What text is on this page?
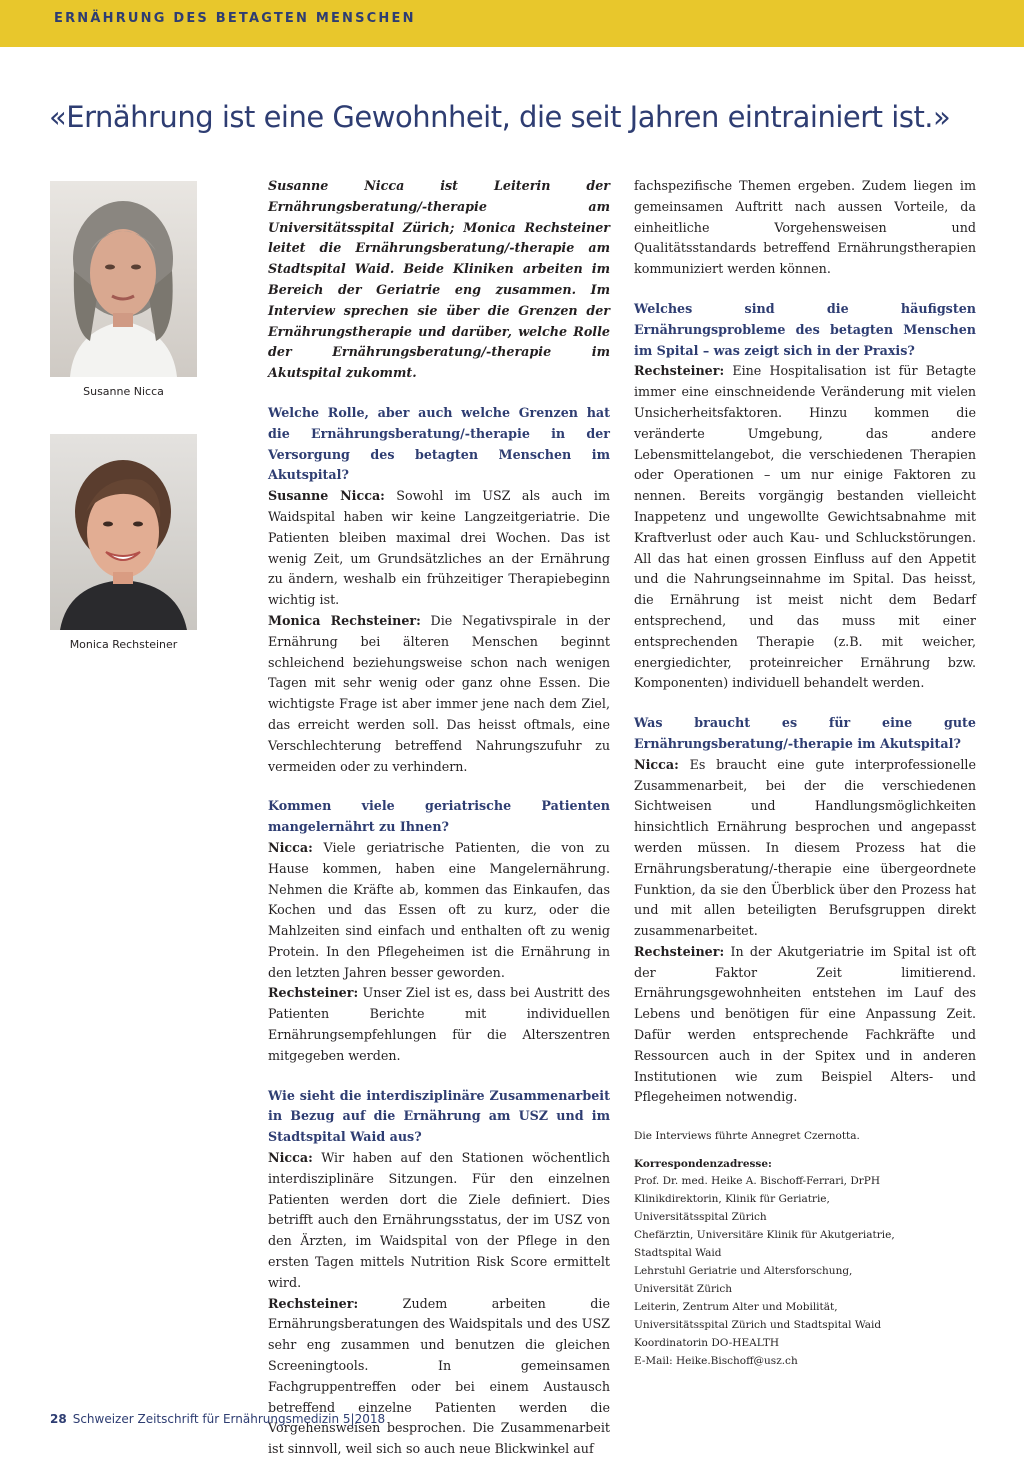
ERNÄHRUNG DES BETAGTEN MENSCHEN
«Ernährung ist eine Gewohnheit, die seit Jahren eintrainiert ist.»
Susanne Nicca
Monica Rechsteiner
Susanne Nicca ist Leiterin der Ernährungsberatung/-therapie am Universitätsspital Zürich; Monica Rechsteiner leitet die Ernährungsberatung/-therapie am Stadtspital Waid. Beide Kliniken arbeiten im Bereich der Geriatrie eng zusammen. Im Interview sprechen sie über die Grenzen der Ernährungstherapie und darüber, welche Rolle der Ernährungsberatung/-therapie im Akutspital zukommt.
Welche Rolle, aber auch welche Grenzen hat die Ernährungsberatung/-therapie in der Versorgung des betagten Menschen im Akutspital?

Susanne Nicca: Sowohl im USZ als auch im Waidspital haben wir keine Langzeitgeriatrie. Die Patienten bleiben maximal drei Wochen. Das ist wenig Zeit, um Grundsätzliches an der Ernährung zu ändern, weshalb ein frühzeitiger Therapiebeginn wichtig ist.

Monica Rechsteiner: Die Negativspirale in der Ernährung bei älteren Menschen beginnt schleichend beziehungsweise schon nach wenigen Tagen mit sehr wenig oder ganz ohne Essen. Die wichtigste Frage ist aber immer jene nach dem Ziel, das erreicht werden soll. Das heisst oftmals, eine Verschlechterung betreffend Nahrungszufuhr zu vermeiden oder zu verhindern.

Kommen viele geriatrische Patienten mangelernährt zu Ihnen?

Nicca: Viele geriatrische Patienten, die von zu Hause kommen, haben eine Mangelernährung. Nehmen die Kräfte ab, kommen das Einkaufen, das Kochen und das Essen oft zu kurz, oder die Mahlzeiten sind einfach und enthalten oft zu wenig Protein. In den Pflegeheimen ist die Ernährung in den letzten Jahren besser geworden.

Rechsteiner: Unser Ziel ist es, dass bei Austritt des Patienten Berichte mit individuellen Ernährungsempfehlungen für die Alterszentren mitgegeben werden.

Wie sieht die interdisziplinäre Zusammenarbeit in Bezug auf die Ernährung am USZ und im Stadtspital Waid aus?

Nicca: Wir haben auf den Stationen wöchentlich interdisziplinäre Sitzungen. Für den einzelnen Patienten werden dort die Ziele definiert. Dies betrifft auch den Ernährungsstatus, der im USZ von den Ärzten, im Waidspital von der Pflege in den ersten Tagen mittels Nutrition Risk Score ermittelt wird.

Rechsteiner:	Zudem arbeiten die Ernährungsberatungen des Waidspitals und des USZ sehr eng zusammen und benutzen die gleichen Screeningtools. In gemeinsamen Fachgruppentreffen oder bei einem Austausch betreffend einzelne Patienten werden die Vorgehensweisen besprochen. Die Zusammenarbeit ist sinnvoll, weil sich so auch neue Blickwinkel auf

fachspezifische Themen ergeben. Zudem liegen im gemeinsamen Auftritt nach aussen Vorteile, da einheitliche Vorgehensweisen und Qualitätsstandards betreffend Ernährungstherapien kommuniziert werden können.

Welches sind die häufigsten Ernährungsprobleme des betagten Menschen im Spital – was zeigt sich in der Praxis?

Rechsteiner: Eine Hospitalisation ist für Betagte immer eine einschneidende Veränderung mit vielen Unsicherheitsfaktoren. Hinzu kommen die veränderte Umgebung, das andere Lebensmittelangebot, die verschiedenen Therapien oder Operationen – um nur einige Faktoren zu nennen. Bereits vorgängig bestanden vielleicht Inappetenz und ungewollte Gewichtsabnahme mit Kraftverlust oder auch Kau- und Schluckstörungen. All das hat einen grossen Einfluss auf den Appetit und die Nahrungseinnahme im Spital. Das heisst, die Ernährung ist meist nicht dem Bedarf entsprechend, und das muss mit einer entsprechenden Therapie (z.B. mit weicher, energiedichter, proteinreicher Ernährung bzw. Komponenten) individuell behandelt werden.

Was braucht es für eine gute Ernährungsberatung/-therapie im Akutspital?

Nicca: Es braucht eine gute interprofessionelle Zusammenarbeit, bei der die verschiedenen Sichtweisen und Handlungsmöglichkeiten hinsichtlich Ernährung besprochen und angepasst werden müssen. In diesem Prozess hat die Ernährungsberatung/-therapie eine übergeordnete Funktion, da sie den Überblick über den Prozess hat und mit allen beteiligten Berufsgruppen direkt zusammenarbeitet.

Rechsteiner: In der Akutgeriatrie im Spital ist oft der Faktor Zeit limitierend. Ernährungsgewohnheiten entstehen im Lauf des Lebens und benötigen für eine Anpassung Zeit. Dafür werden entsprechende Fachkräfte und Ressourcen auch in der Spitex und in anderen Institutionen wie zum Beispiel Alters- und Pflegeheimen notwendig.

Die Interviews führte Annegret Czernotta.
Korrespondenzadresse:
Prof. Dr. med. Heike A. Bischoff-Ferrari, DrPH
Klinikdirektorin, Klinik für Geriatrie,
Universitätsspital Zürich
Chefärztin, Universitäre Klinik für Akutgeriatrie,
Stadtspital Waid
Lehrstuhl Geriatrie und Altersforschung,
Universität Zürich
Leiterin, Zentrum Alter und Mobilität,
Universitätsspital Zürich und Stadtspital Waid
Koordinatorin DO-HEALTH
E-Mail: Heike.Bischoff@usz.ch
28 Schweizer Zeitschrift für Ernährungsmedizin 5|2018
